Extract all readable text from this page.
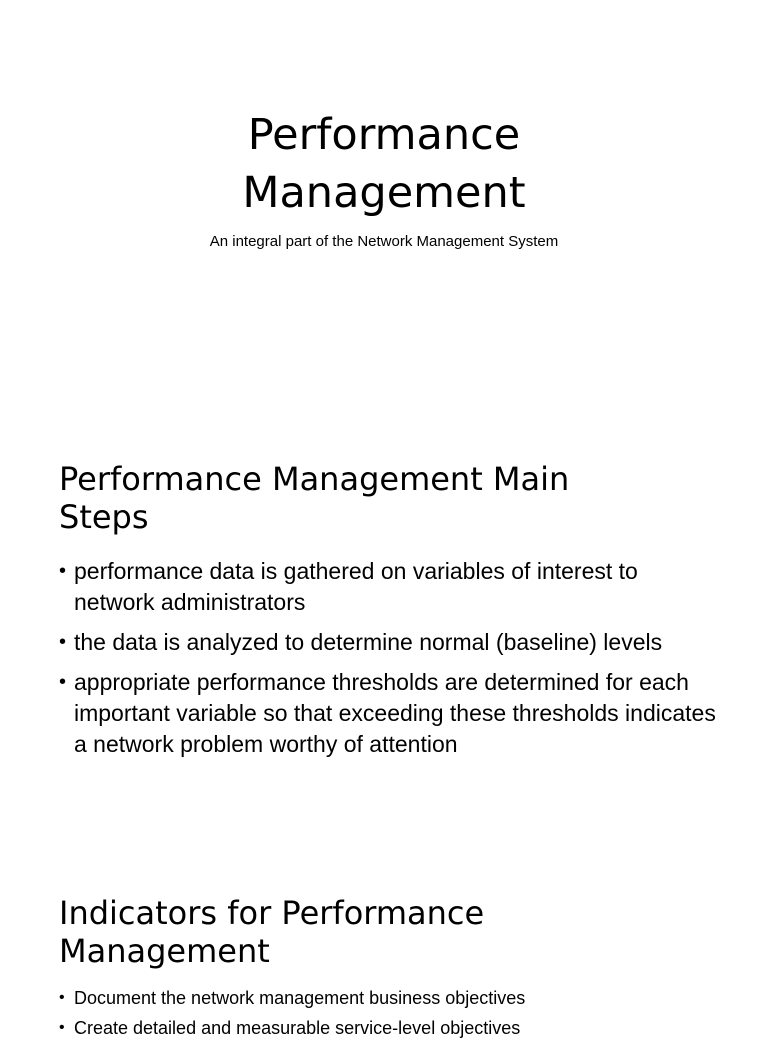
Performance
Management

An integral part of the Network Management System

Performance Management Main
Steps
• performance data is gathered on variables of interest to network administrators
• the data is analyzed to determine normal (baseline) levels
• appropriate performance thresholds are determined for each important variable so that exceeding these thresholds indicates a network problem worthy of attention
Indicators for Performance
Management
• Document the network management business objectives
• Create detailed and measurable service-level objectives
